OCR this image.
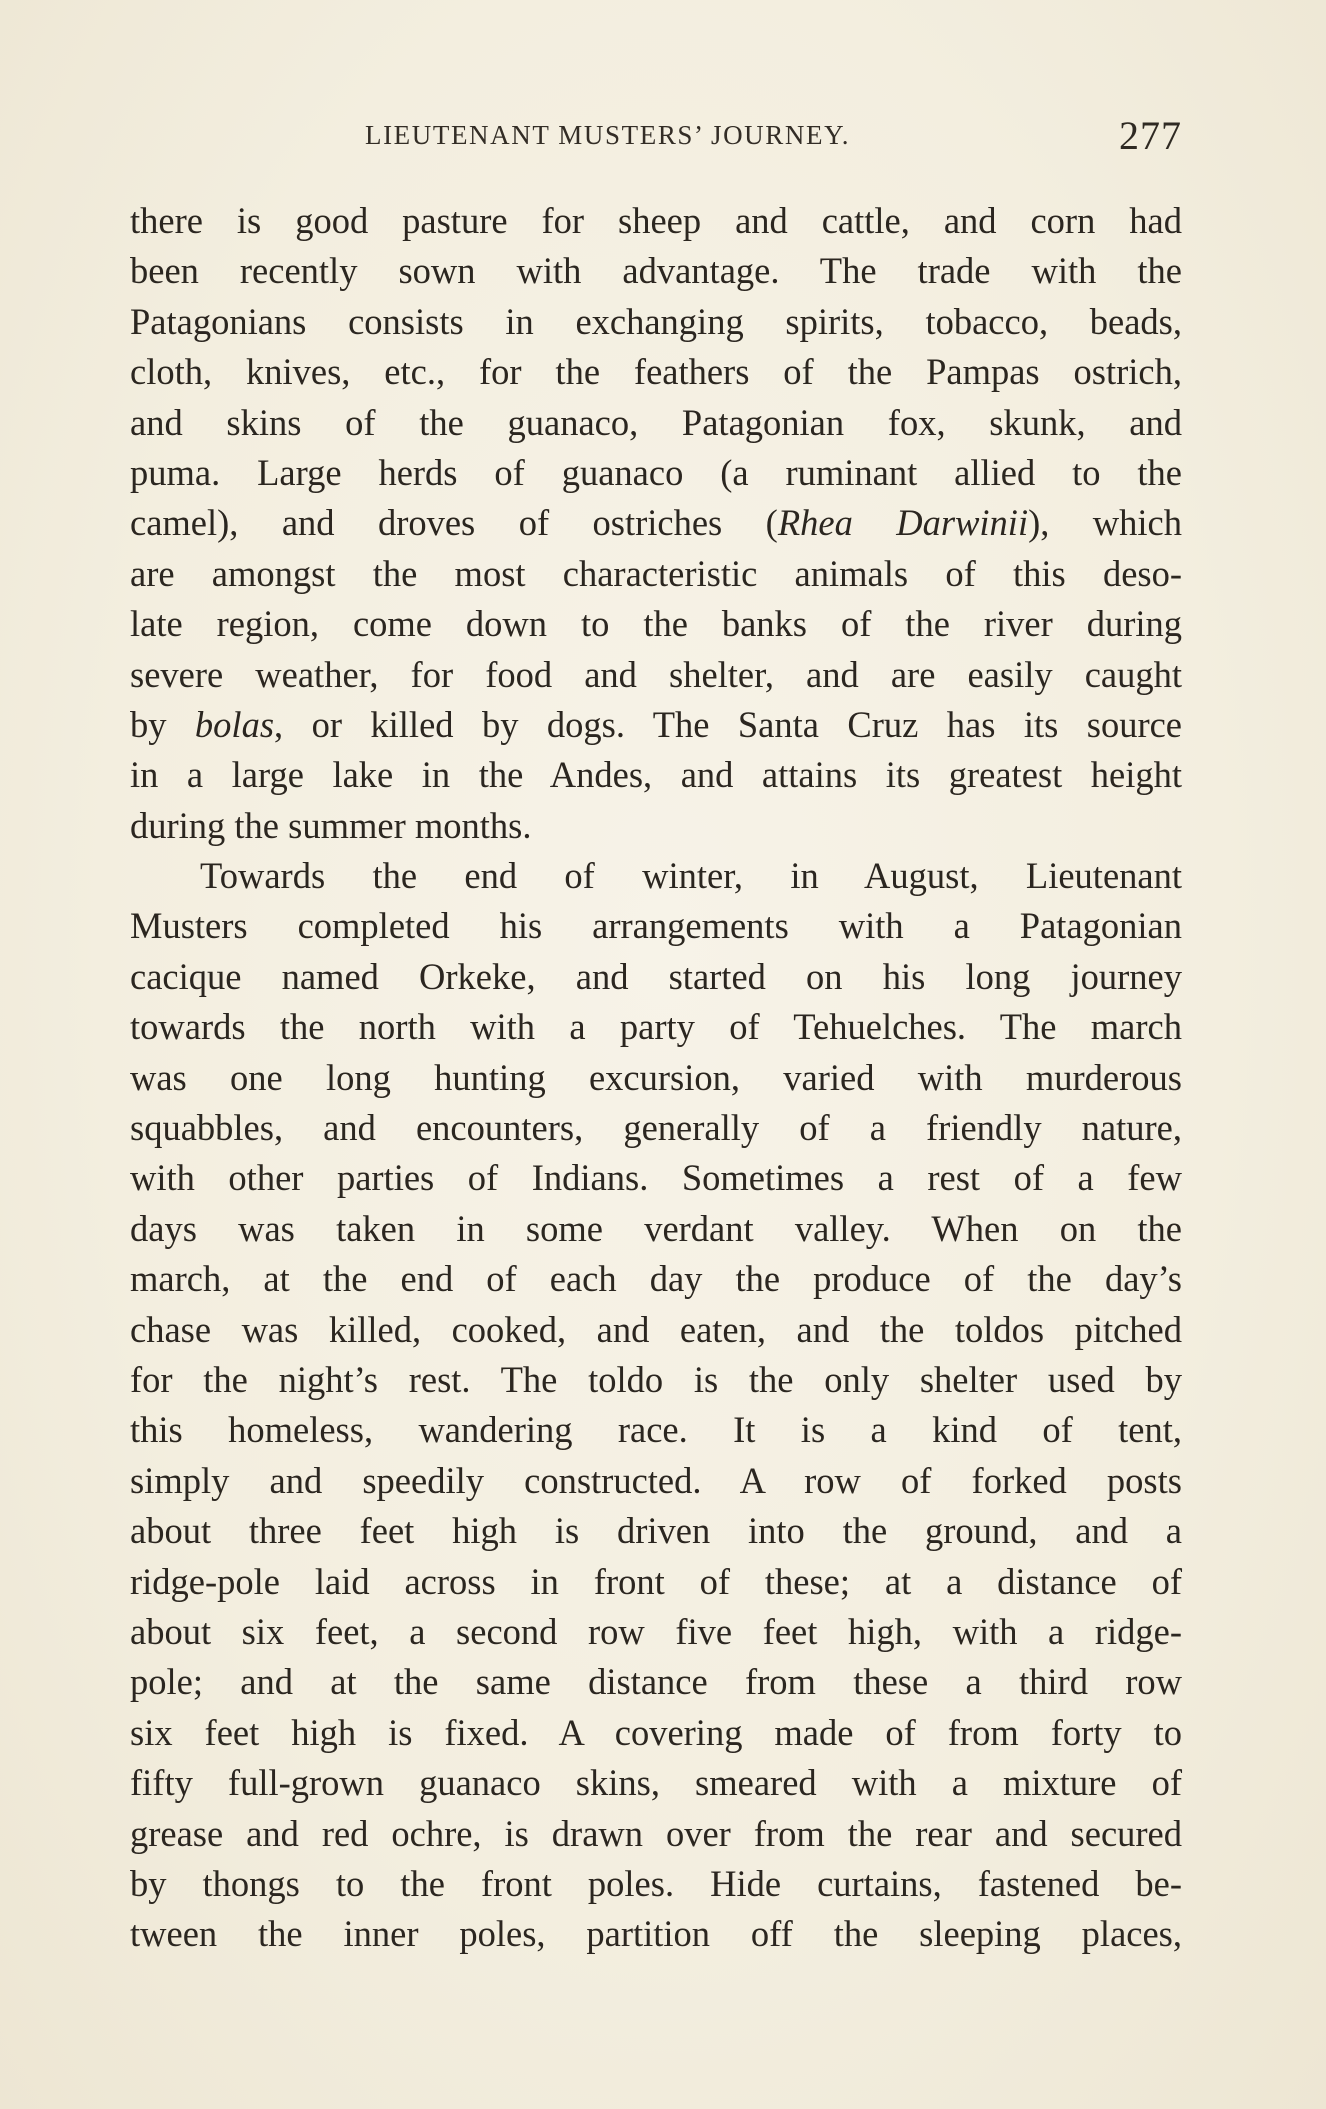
LIEUTENANT MUSTERS’ JOURNEY.	277
there is good pasture for sheep and cattle, and corn had
been recently sown with advantage. The trade with the
Patagonians consists in exchanging spirits, tobacco, beads,
cloth, knives, etc., for the feathers of the Pampas ostrich,
and skins of the guanaco, Patagonian fox, skunk, and
puma. Large herds of guanaco (a ruminant allied to the
camel), and droves of ostriches (Rhea Darwinii), which
are amongst the most characteristic animals of this deso-
late region, come down to the banks of the river during
severe weather, for food and shelter, and are easily caught
by bolas, or killed by dogs. The Santa Cruz has its source
in a large lake in the Andes, and attains its greatest height
during the summer months.
Towards the end of winter, in August, Lieutenant
Musters completed his arrangements with a Patagonian
cacique named Orkeke, and started on his long journey
towards the north with a party of Tehuelches. The march
was one long hunting excursion, varied with murderous
squabbles, and encounters, generally of a friendly nature,
with other parties of Indians. Sometimes a rest of a few
days was taken in some verdant valley. When on the
march, at the end of each day the produce of the day’s
chase was killed, cooked, and eaten, and the toldos pitched
for the night’s rest. The toldo is the only shelter used by
this homeless, wandering race. It is a kind of tent,
simply and speedily constructed. A row of forked posts
about three feet high is driven into the ground, and a
ridge-pole laid across in front of these; at a distance of
about six feet, a second row five feet high, with a ridge-
pole; and at the same distance from these a third row
six feet high is fixed. A covering made of from forty to
fifty full-grown guanaco skins, smeared with a mixture of
grease and red ochre, is drawn over from the rear and secured
by thongs to the front poles. Hide curtains, fastened be-
tween the inner poles, partition off the sleeping places,
